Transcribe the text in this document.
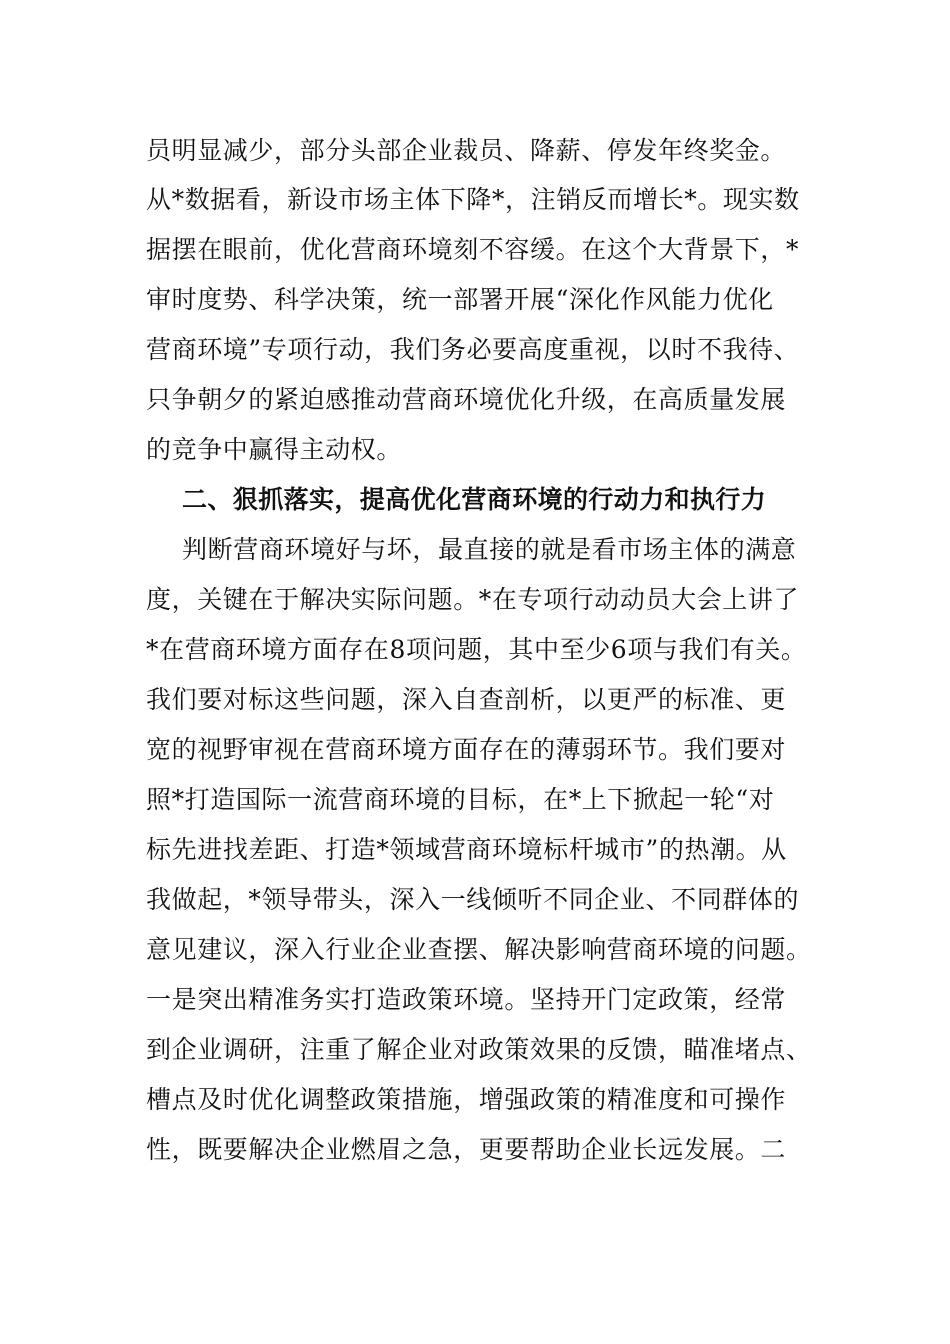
员明显减少，部分头部企业裁员、降薪、停发年终奖金。
从*数据看，新设市场主体下降*，注销反而增长*。现实数
据摆在眼前，优化营商环境刻不容缓。在这个大背景下，*
审时度势、科学决策，统一部署开展“深化作风能力优化
营商环境”专项行动，我们务必要高度重视，以时不我待、
只争朝夕的紧迫感推动营商环境优化升级，在高质量发展
的竞争中赢得主动权。
二、狠抓落实，提高优化营商环境的行动力和执行力
判断营商环境好与坏，最直接的就是看市场主体的满意
度，关键在于解决实际问题。*在专项行动动员大会上讲了
*在营商环境方面存在8项问题，其中至少6项与我们有关。
我们要对标这些问题，深入自查剖析，以更严的标准、更
宽的视野审视在营商环境方面存在的薄弱环节。我们要对
照*打造国际一流营商环境的目标，在*上下掀起一轮“对
标先进找差距、打造*领域营商环境标杆城市”的热潮。从
我做起，*领导带头，深入一线倾听不同企业、不同群体的
意见建议，深入行业企业查摆、解决影响营商环境的问题。
一是突出精准务实打造政策环境。坚持开门定政策，经常
到企业调研，注重了解企业对政策效果的反馈，瞄准堵点、
槽点及时优化调整政策措施，增强政策的精准度和可操作
性，既要解决企业燃眉之急，更要帮助企业长远发展。二
